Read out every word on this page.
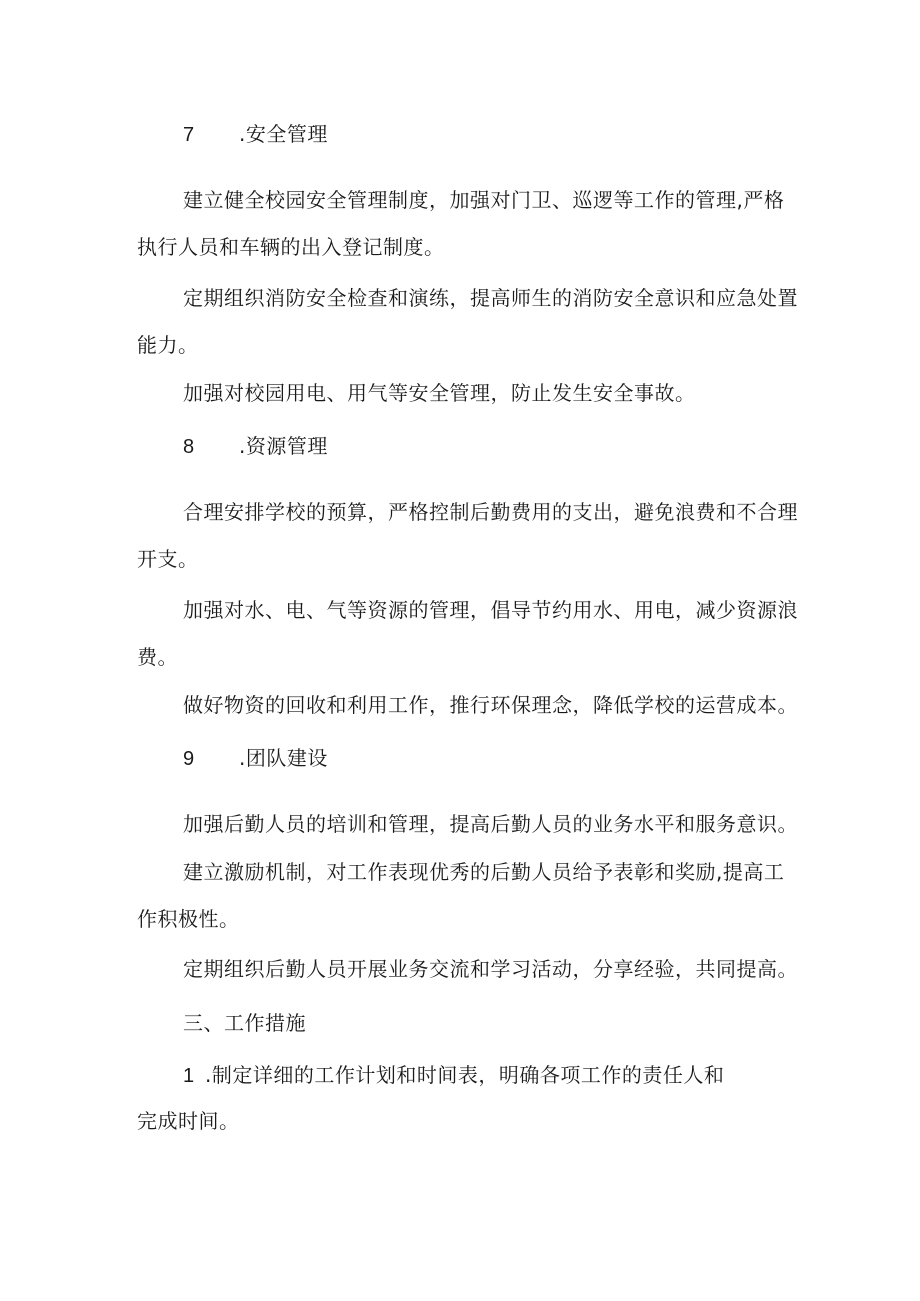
7 .安全管理
建立健全校园安全管理制度，加强对门卫、巡逻等工作的管理,严格
执行人员和车辆的出入登记制度。
定期组织消防安全检查和演练，提高师生的消防安全意识和应急处置
能力。
加强对校园用电、用气等安全管理，防止发生安全事故。
8 .资源管理
合理安排学校的预算，严格控制后勤费用的支出，避免浪费和不合理
开支。
加强对水、电、气等资源的管理，倡导节约用水、用电，减少资源浪
费。
做好物资的回收和利用工作，推行环保理念，降低学校的运营成本。
9 .团队建设
加强后勤人员的培训和管理，提高后勤人员的业务水平和服务意识。
建立激励机制，对工作表现优秀的后勤人员给予表彰和奖励,提高工
作积极性。
定期组织后勤人员开展业务交流和学习活动，分享经验，共同提高。
三、工作措施
1 .制定详细的工作计划和时间表，明确各项工作的责任人和
完成时间。
